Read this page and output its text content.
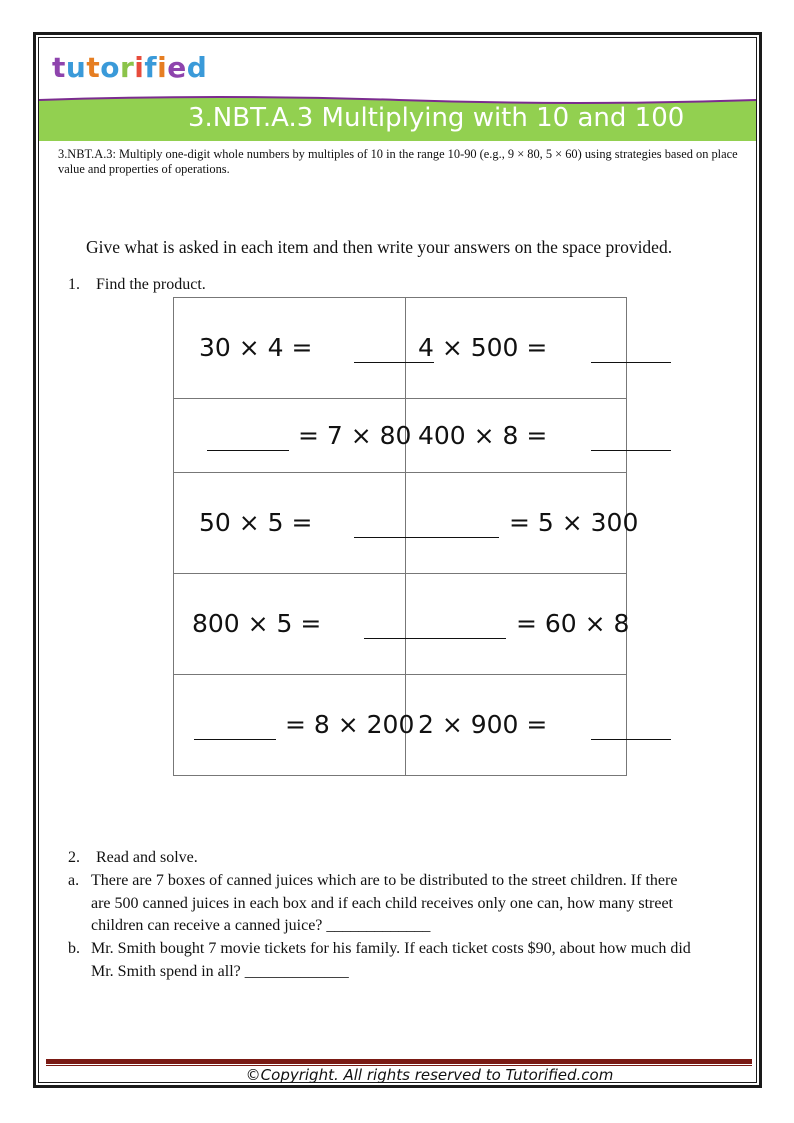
tutorified
3.NBT.A.3 Multiplying with 10 and 100
3.NBT.A.3: Multiply one-digit whole numbers by multiples of 10 in the range 10-90 (e.g., 9 × 80, 5 × 60) using strategies based on place value and properties of operations.
Give what is asked in each item and then write your answers on the space provided.
1. Find the product.
30 × 4 =	4 × 500 =

= 7 × 80	400 × 8 =

50 × 5 =	= 5 × 300

800 × 5 =	= 60 × 8

= 8 × 200	2 × 900 =
2. Read and solve.
a. There are 7 boxes of canned juices which are to be distributed to the street children. If there
are 500 canned juices in each box and if each child receives only one can, how many street
children can receive a canned juice? _____________
b. Mr. Smith bought 7 movie tickets for his family. If each ticket costs $90, about how much did
Mr. Smith spend in all? _____________
©Copyright. All rights reserved to Tutorified.com
